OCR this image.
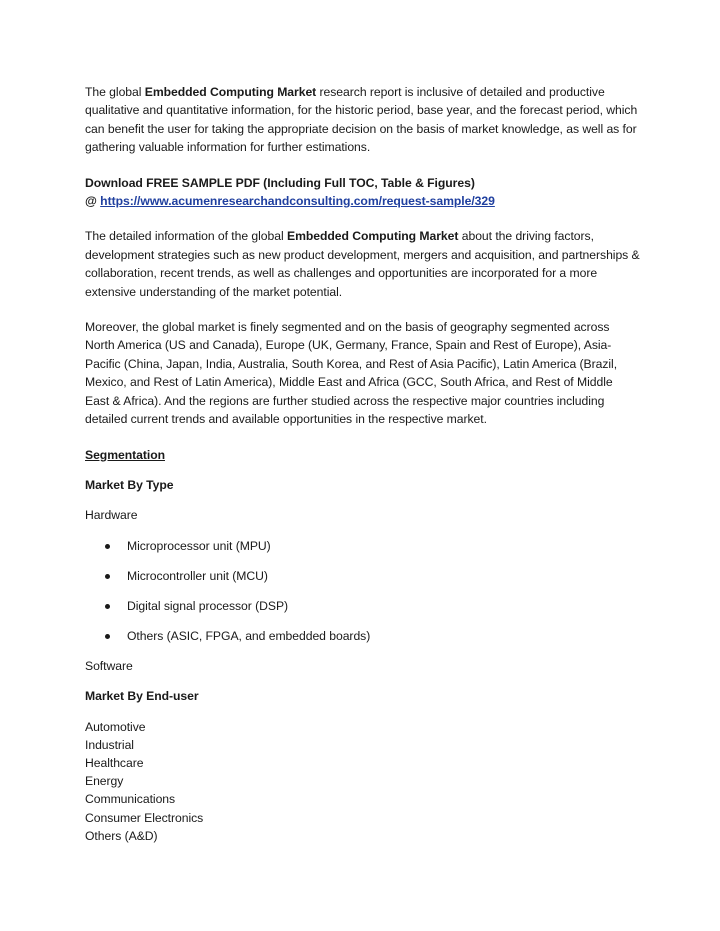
The global Embedded Computing Market research report is inclusive of detailed and productive qualitative and quantitative information, for the historic period, base year, and the forecast period, which can benefit the user for taking the appropriate decision on the basis of market knowledge, as well as for gathering valuable information for further estimations.

Download FREE SAMPLE PDF (Including Full TOC, Table & Figures)

@ https://www.acumenresearchandconsulting.com/request-sample/329

The detailed information of the global Embedded Computing Market about the driving factors, development strategies such as new product development, mergers and acquisition, and partnerships & collaboration, recent trends, as well as challenges and opportunities are incorporated for a more extensive understanding of the market potential.

Moreover, the global market is finely segmented and on the basis of geography segmented across North America (US and Canada), Europe (UK, Germany, France, Spain and Rest of Europe), Asia-Pacific (China, Japan, India, Australia, South Korea, and Rest of Asia Pacific), Latin America (Brazil, Mexico, and Rest of Latin America), Middle East and Africa (GCC, South Africa, and Rest of Middle East & Africa). And the regions are further studied across the respective major countries including detailed current trends and available opportunities in the respective market.

Segmentation

Market By Type

Hardware

Microprocessor unit (MPU)
Microcontroller unit (MCU)
Digital signal processor (DSP)
Others (ASIC, FPGA, and embedded boards)

Software

Market By End-user

Automotive
Industrial
Healthcare
Energy
Communications
Consumer Electronics
Others (A&D)
